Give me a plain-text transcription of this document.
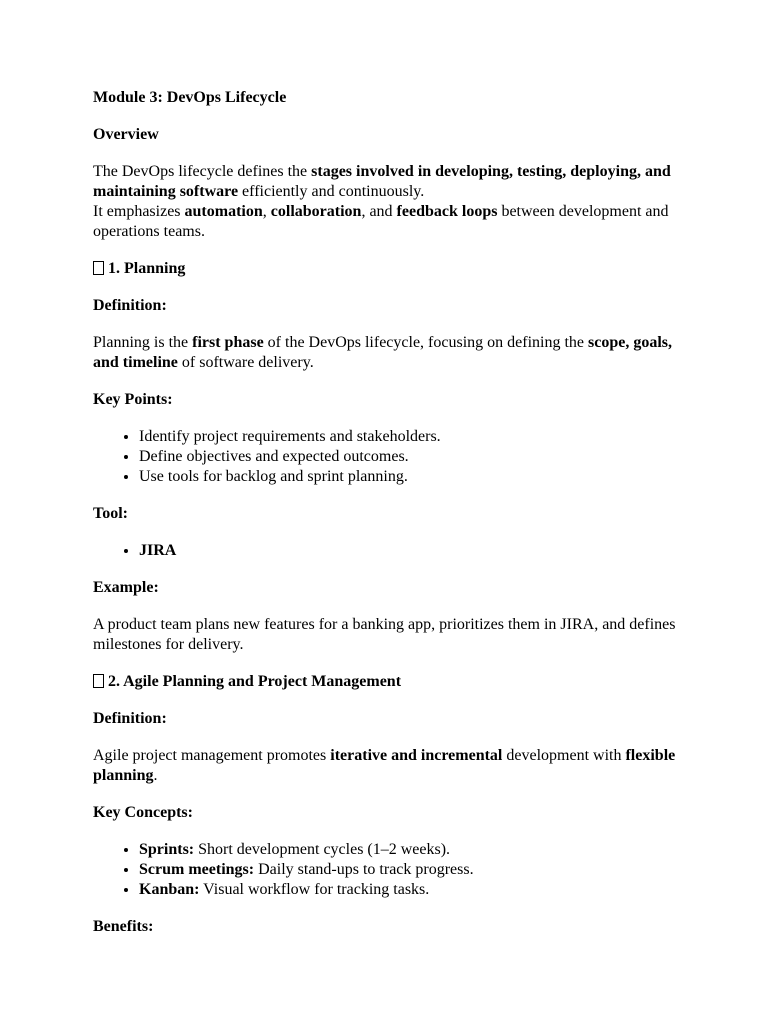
Module 3: DevOps Lifecycle

Overview

The DevOps lifecycle defines the stages involved in developing, testing, deploying, and maintaining software efficiently and continuously.
It emphasizes automation, collaboration, and feedback loops between development and operations teams.

1. Planning

Definition:

Planning is the first phase of the DevOps lifecycle, focusing on defining the scope, goals, and timeline of software delivery.

Key Points:

• Identify project requirements and stakeholders.
• Define objectives and expected outcomes.
• Use tools for backlog and sprint planning.

Tool:

• JIRA

Example:

A product team plans new features for a banking app, prioritizes them in JIRA, and defines milestones for delivery.

2. Agile Planning and Project Management

Definition:

Agile project management promotes iterative and incremental development with flexible planning.

Key Concepts:

• Sprints: Short development cycles (1–2 weeks).
• Scrum meetings: Daily stand-ups to track progress.
• Kanban: Visual workflow for tracking tasks.

Benefits:
